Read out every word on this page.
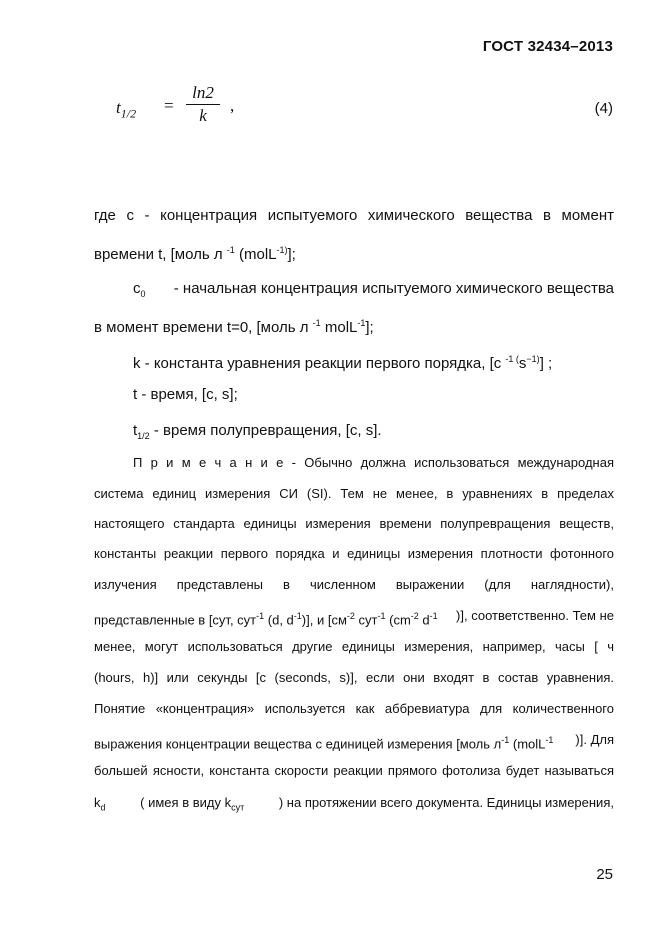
ГОСТ 32434–2013
$t_{1/2}$ =
ln2
k
,	(4)
где c - концентрация испытуемого химического вещества в момент
времени t, [моль л $^{-1}$ (molL$^{-1)}$];
$c_0$ - начальная концентрация испытуемого химического вещества
в момент времени t=0, [моль л $^{-1}$ molL$^{-1}$];
k - константа уравнения реакции первого порядка, [c $^{-1 (}s^{-1)}$] ;
t - время, [c, s];
$t_{1/2}$ - время полупревращения, [c, s].
П р и м е ч а н и е - Обычно должна использоваться международная
система единиц измерения СИ (SI). Тем не менее, в уравнениях в пределах
настоящего стандарта единицы измерения времени полупревращения веществ,
константы реакции первого порядка и единицы измерения плотности фотонного
излучения представлены в численном выражении (для наглядности),
представленные в [сут, сут$^{-1}$ (d, $d^{-1}$)], и [$см^{-2}$ сут$^{-1}$ ($cm^{-2}$ $d^{-1}$ )], соответственно. Тем не
менее, могут использоваться другие единицы измерения, например, часы [ ч
(hours, h)] или секунды [c (seconds, s)], если они входят в состав уравнения.
Понятие «концентрация» используется как аббревиатура для количественного
выражения концентрации вещества с единицей измерения [моль $л^{-1}$ (molL$^{-1}$ )]. Для
большей ясности, константа скорости реакции прямого фотолиза будет называться
$k_d$	( имея в виду $k_{сут}$	) на протяжении всего документа. Единицы измерения,
25
